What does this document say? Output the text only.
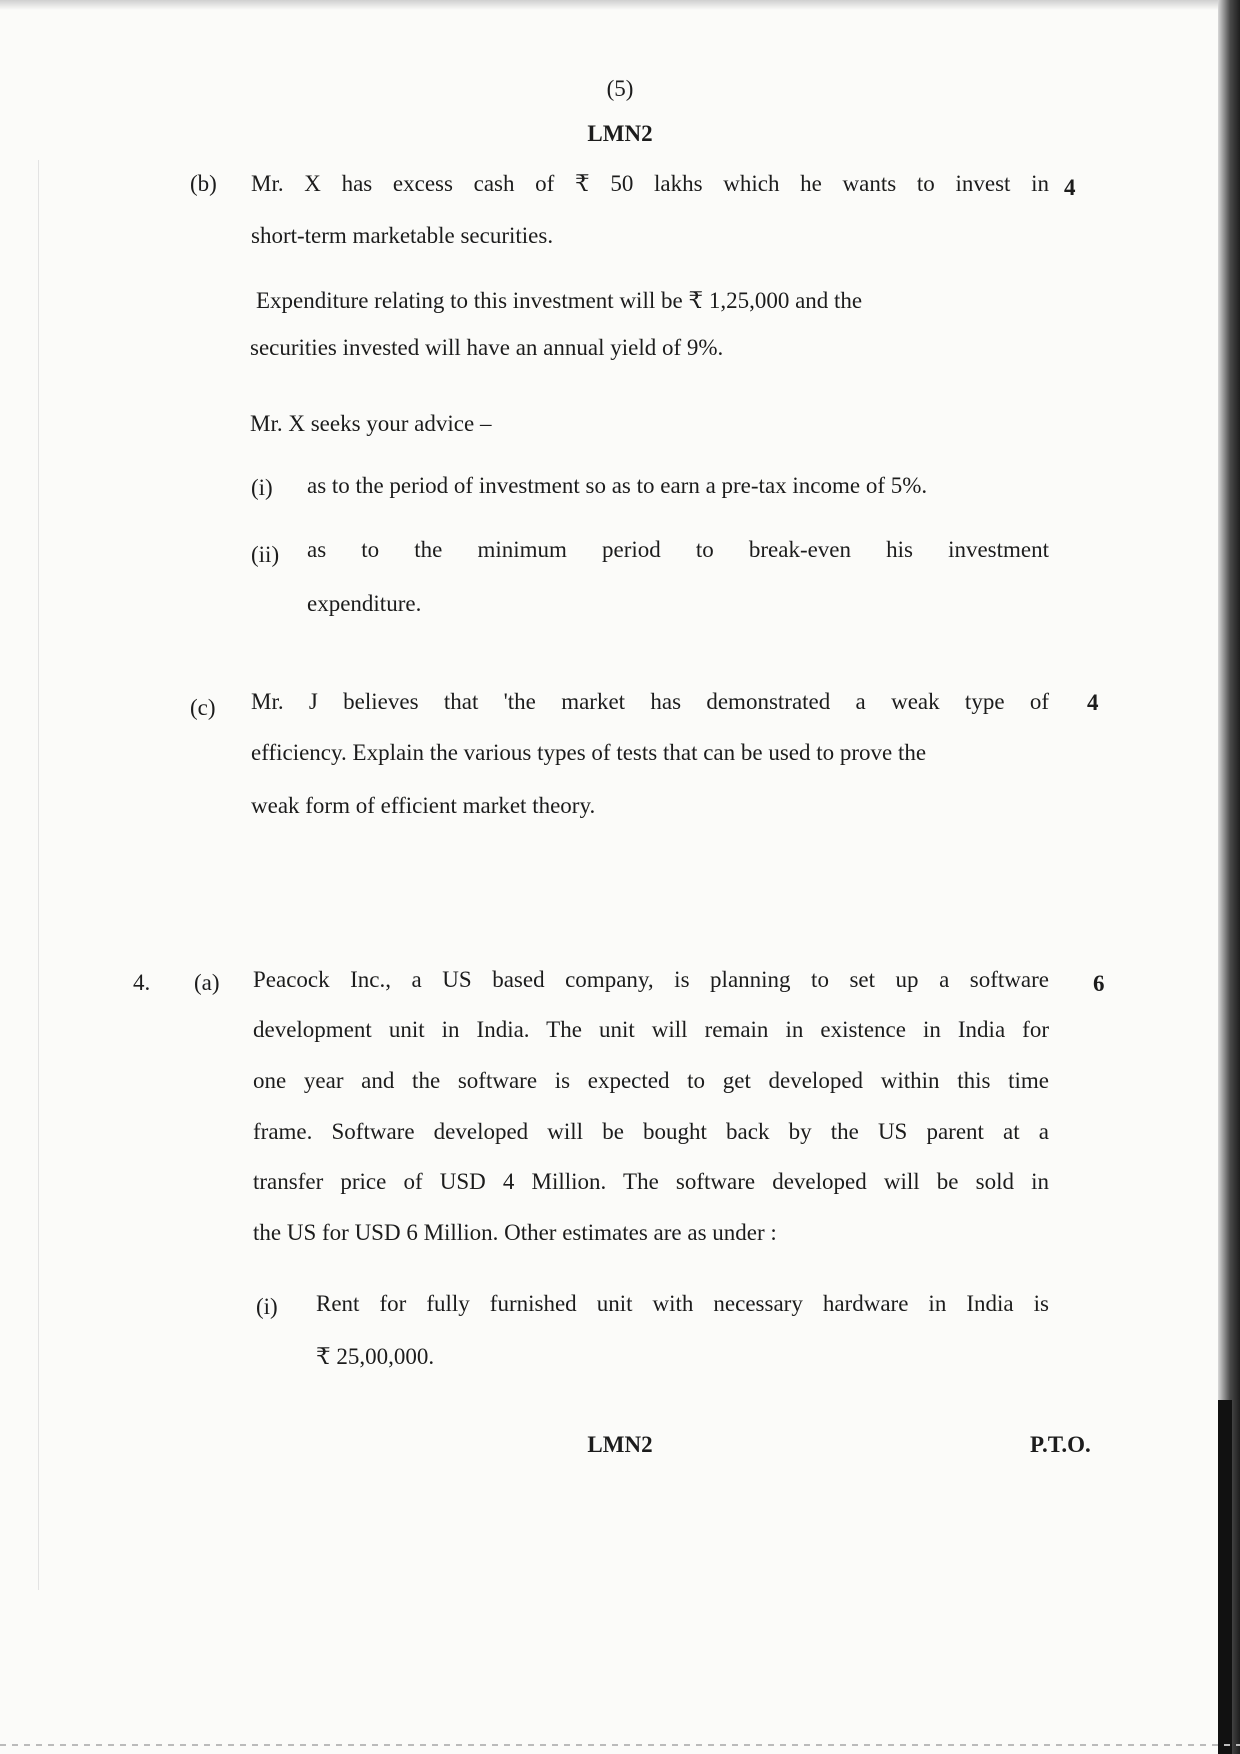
(5)
LMN2
(b) Mr. X has excess cash of ₹ 50 lakhs which he wants to invest in 4
short-term marketable securities.
Expenditure relating to this investment will be ₹ 1,25,000 and the
securities invested will have an annual yield of 9%.
Mr. X seeks your advice –
(i) as to the period of investment so as to earn a pre-tax income of 5%.
(ii) as to the minimum period to break-even his investment
expenditure.
(c) Mr. J believes that 'the market has demonstrated a weak type of 4
efficiency. Explain the various types of tests that can be used to prove the
weak form of efficient market theory.
4. (a) Peacock Inc., a US based company, is planning to set up a software 6
development unit in India. The unit will remain in existence in India for
one year and the software is expected to get developed within this time
frame. Software developed will be bought back by the US parent at a
transfer price of USD 4 Million. The software developed will be sold in
the US for USD 6 Million. Other estimates are as under :
(i) Rent for fully furnished unit with necessary hardware in India is
₹ 25,00,000.
LMN2	P.T.O.
